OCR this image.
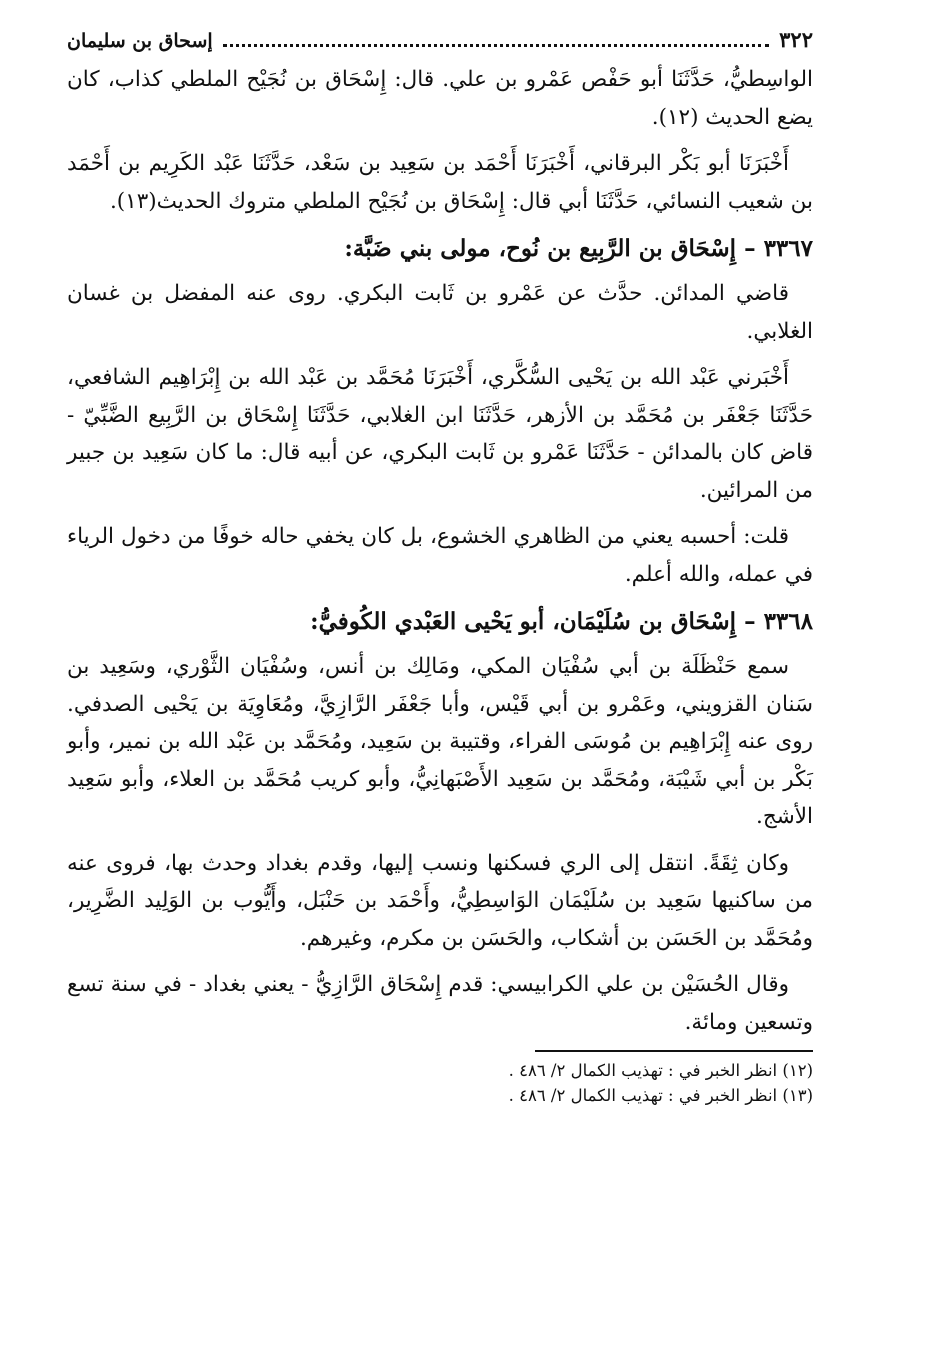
٣٢٢
إسحاق بن سليمان

الواسِطيُّ، حَدَّثَنَا أبو حَفْص عَمْرو بن علي. قال: إِسْحَاق بن نُجَيْح الملطي كذاب، كان يضع الحديث (١٢).

أَخْبَرَنَا أبو بَكْر البرقاني، أَخْبَرَنَا أَحْمَد بن سَعِيد بن سَعْد، حَدَّثَنَا عَبْد الكَرِيم بن أَحْمَد بن شعيب النسائي، حَدَّثَنَا أبي قال: إِسْحَاق بن نُجَيْح الملطي متروك الحديث(١٣).

٣٣٦٧ – إِسْحَاق بن الرَّبِيع بن نُوح، مولى بني ضَبَّة:

قاضي المدائن. حدَّث عن عَمْرو بن ثَابت البكري. روى عنه المفضل بن غسان الغلابي.

أَخْبَرني عَبْد الله بن يَحْيى السُّكَّري، أَخْبَرَنَا مُحَمَّد بن عَبْد الله بن إِبْرَاهِيم الشافعي، حَدَّثَنَا جَعْفَر بن مُحَمَّد بن الأزهر، حَدَّثَنَا ابن الغلابي، حَدَّثَنَا إِسْحَاق بن الرَّبِيع الضَّبِّيّ - قاض كان بالمدائن - حَدَّثَنَا عَمْرو بن ثَابت البكري، عن أبيه قال: ما كان سَعِيد بن جبير من المرائين.

قلت: أحسبه يعني من الظاهري الخشوع، بل كان يخفي حاله خوفًا من دخول الرياء في عمله، والله أعلم.

٣٣٦٨ – إِسْحَاق بن سُلَيْمَان، أبو يَحْيى العَبْدي الكُوفيُّ:

سمع حَنْظَلَة بن أبي سُفْيَان المكي، ومَالِك بن أنس، وسُفْيَان الثَّوْري، وسَعِيد بن سَنان القزويني، وعَمْرو بن أبي قَيْس، وأبا جَعْفَر الرَّازِيَّ، ومُعَاوِيَة بن يَحْيى الصدفي. روى عنه إِبْرَاهِيم بن مُوسَى الفراء، وقتيبة بن سَعِيد، ومُحَمَّد بن عَبْد الله بن نمير، وأبو بَكْر بن أبي شَيْبَة، ومُحَمَّد بن سَعِيد الأَصْبَهانِيُّ، وأبو كريب مُحَمَّد بن العلاء، وأبو سَعِيد الأشج.

وكان ثِقَةً. انتقل إلى الري فسكنها ونسب إليها، وقدم بغداد وحدث بها، فروى عنه من ساكنيها سَعِيد بن سُلَيْمَان الوَاسِطِيُّ، وأَحْمَد بن حَنْبَل، وأَيُّوب بن الوَلِيد الضَّرِير، ومُحَمَّد بن الحَسَن بن أشكاب، والحَسَن بن مكرم، وغيرهم.

وقال الحُسَيْن بن علي الكرابيسي: قدم إِسْحَاق الرَّازِيُّ - يعني بغداد - في سنة تسع وتسعين ومائة.

(١٢) انظر الخبر في : تهذيب الكمال ٢/ ٤٨٦ .

(١٣) انظر الخبر في : تهذيب الكمال ٢/ ٤٨٦ .
